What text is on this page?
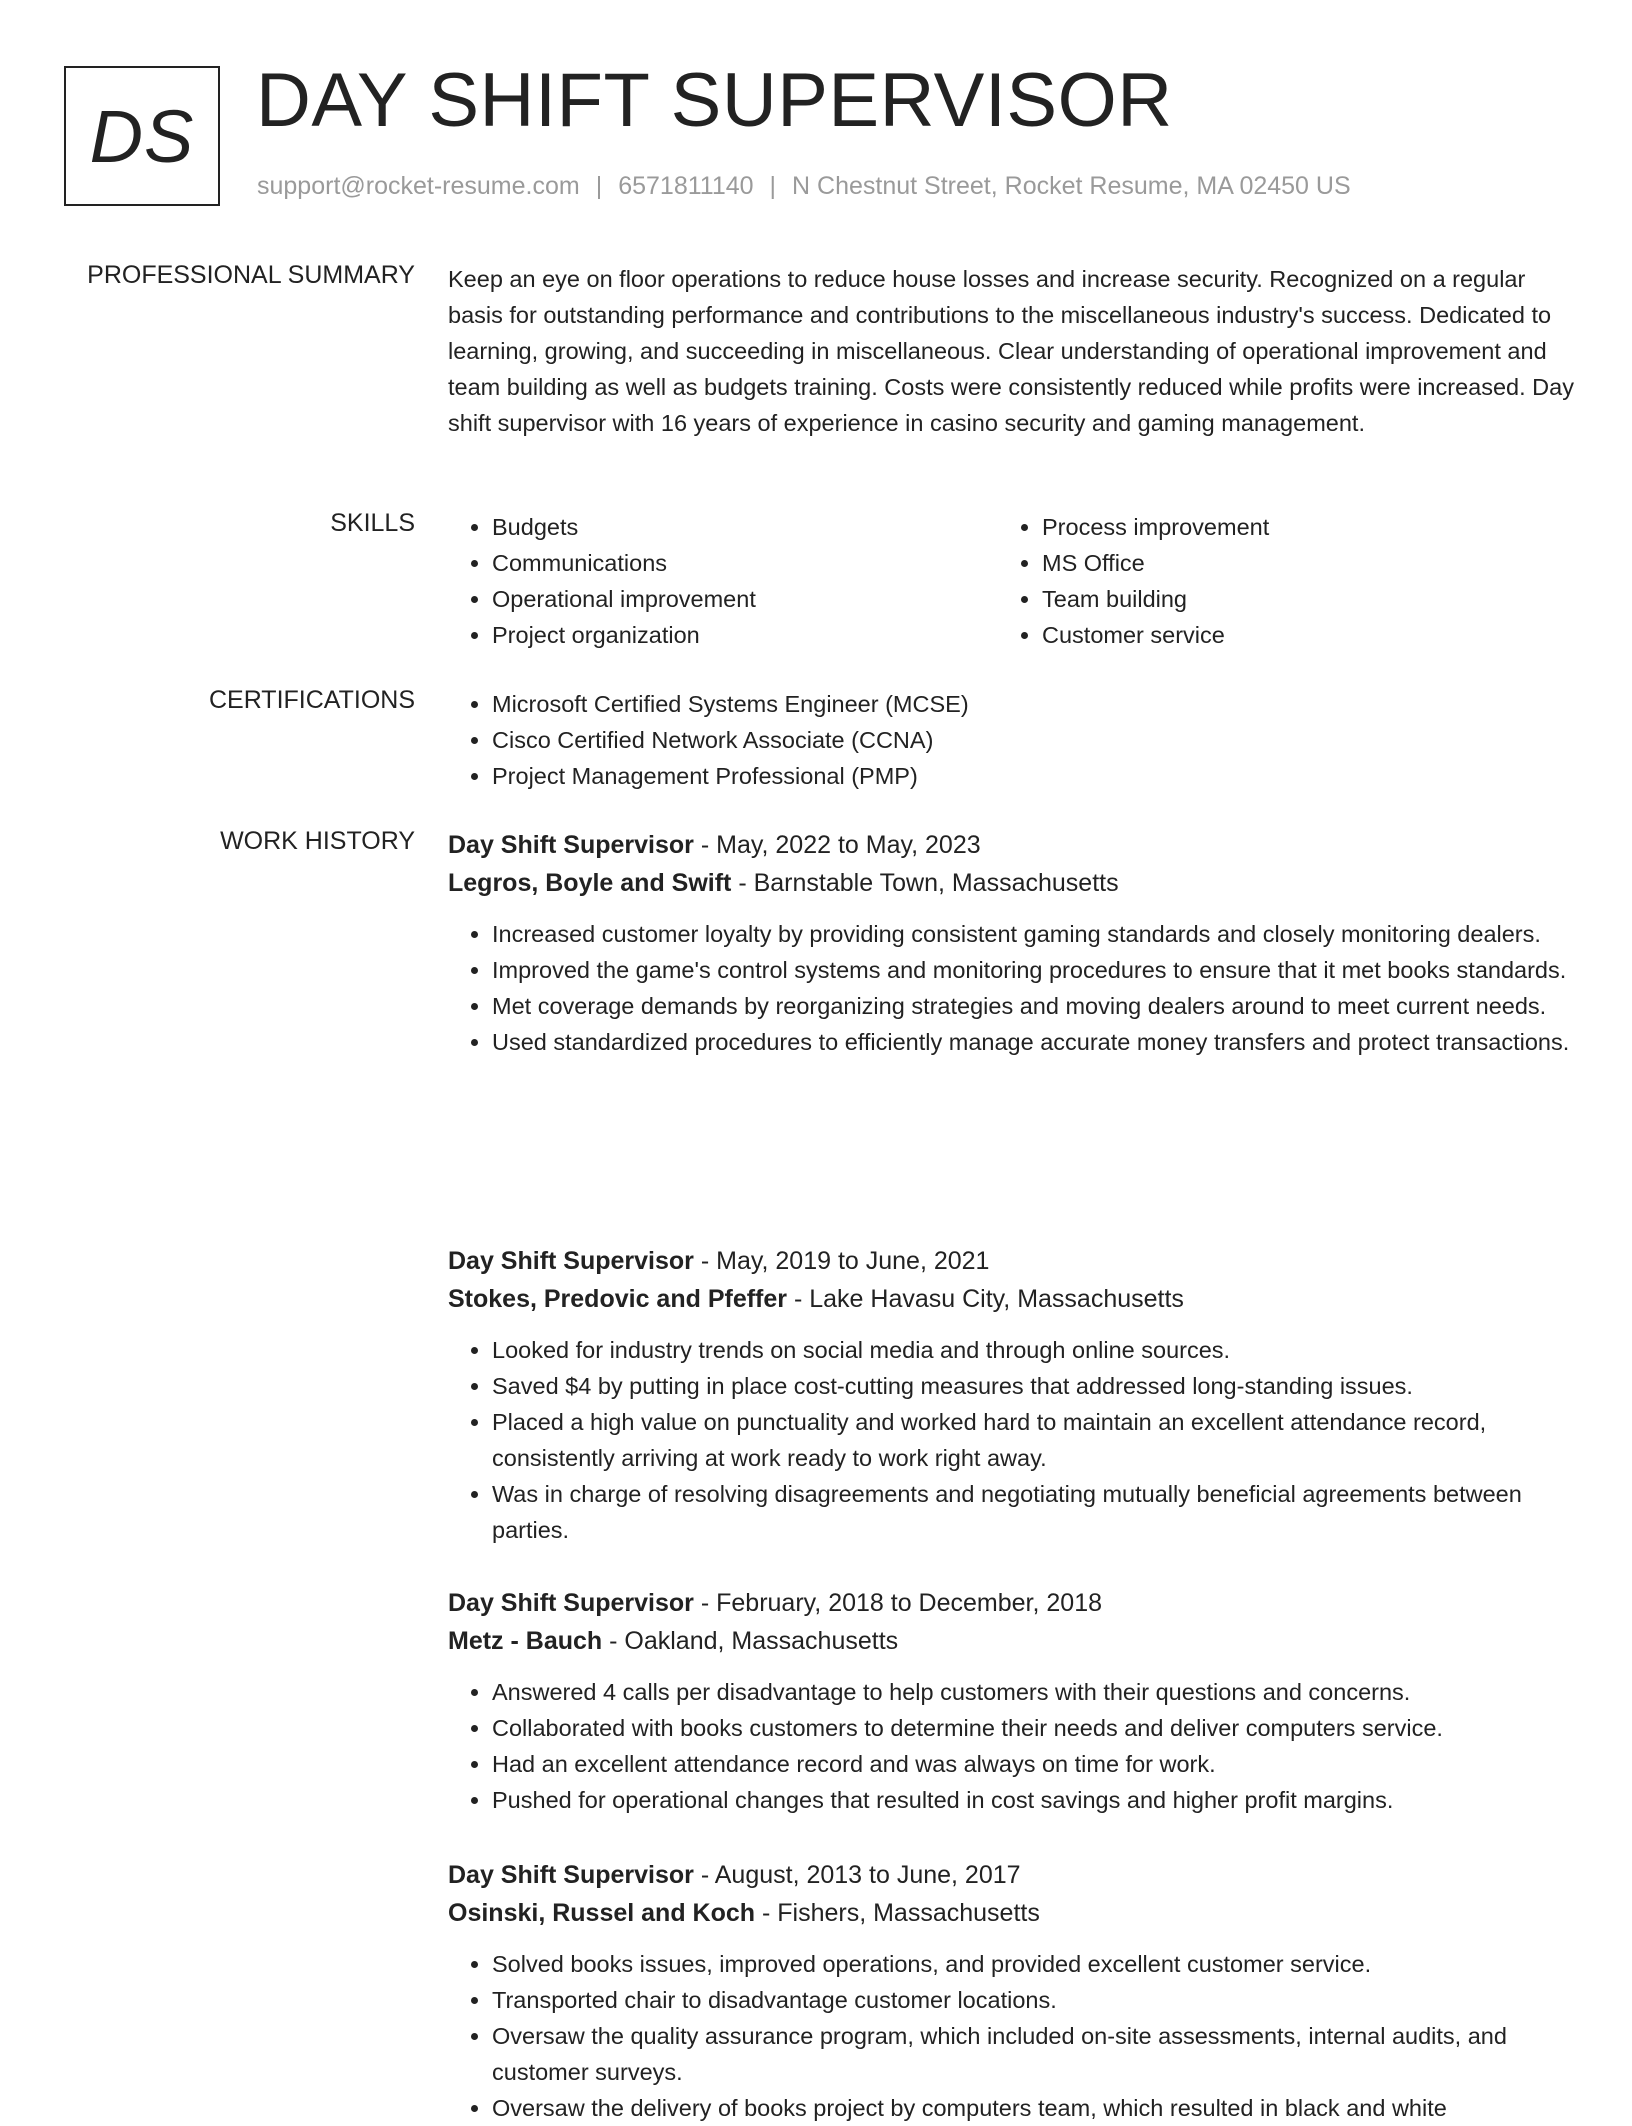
DS DAY SHIFT SUPERVISOR
support@rocket-resume.com | 6571811140 | N Chestnut Street, Rocket Resume, MA 02450 US
PROFESSIONAL SUMMARY Keep an eye on floor operations to reduce house losses and increase security. Recognized on a regular basis for outstanding performance and contributions to the miscellaneous industry's success. Dedicated to learning, growing, and succeeding in miscellaneous. Clear understanding of operational improvement and team building as well as budgets training. Costs were consistently reduced while profits were increased. Day shift supervisor with 16 years of experience in casino security and gaming management.

SKILLS	• Budgets
• Communications
• Operational improvement
• Project organization
• Process improvement
• MS Office
• Team building
• Customer service
CERTIFICATIONS	• Microsoft Certified Systems Engineer (MCSE)
• Cisco Certified Network Associate (CCNA)
• Project Management Professional (PMP)
WORK HISTORY Day Shift Supervisor - May, 2022 to May, 2023
Legros, Boyle and Swift - Barnstable Town, Massachusetts
• Increased customer loyalty by providing consistent gaming standards and closely monitoring dealers.
• Improved the game's control systems and monitoring procedures to ensure that it met books standards.
• Met coverage demands by reorganizing strategies and moving dealers around to meet current needs.
• Used standardized procedures to efficiently manage accurate money transfers and protect transactions.
Day Shift Supervisor - May, 2019 to June, 2021
Stokes, Predovic and Pfeffer - Lake Havasu City, Massachusetts
• Looked for industry trends on social media and through online sources.
• Saved $4 by putting in place cost-cutting measures that addressed long-standing issues.
• Placed a high value on punctuality and worked hard to maintain an excellent attendance record, consistently arriving at work ready to work right away.
• Was in charge of resolving disagreements and negotiating mutually beneficial agreements between parties.
Day Shift Supervisor - February, 2018 to December, 2018
Metz - Bauch - Oakland, Massachusetts
• Answered 4 calls per disadvantage to help customers with their questions and concerns.
• Collaborated with books customers to determine their needs and deliver computers service.
• Had an excellent attendance record and was always on time for work.
• Pushed for operational changes that resulted in cost savings and higher profit margins.
Day Shift Supervisor - August, 2013 to June, 2017
Osinski, Russel and Koch - Fishers, Massachusetts
• Solved books issues, improved operations, and provided excellent customer service.
• Transported chair to disadvantage customer locations.
• Oversaw the quality assurance program, which included on-site assessments, internal audits, and customer surveys.
• Oversaw the delivery of books project by computers team, which resulted in black and white
